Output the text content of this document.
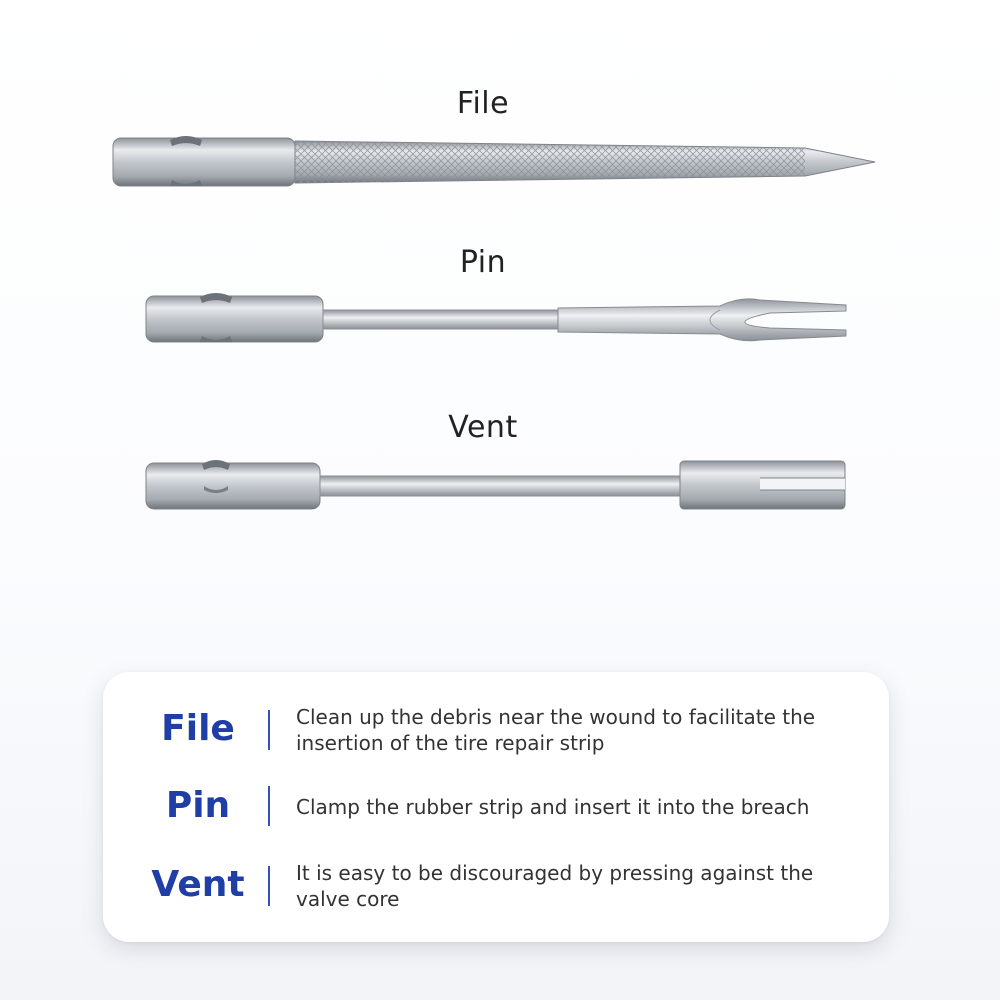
File
Pin
Vent
File	Clean up the debris near the wound to facilitate the insertion of the tire repair strip
Pin	Clamp the rubber strip and insert it into the breach
Vent	It is easy to be discouraged by pressing against the valve core
